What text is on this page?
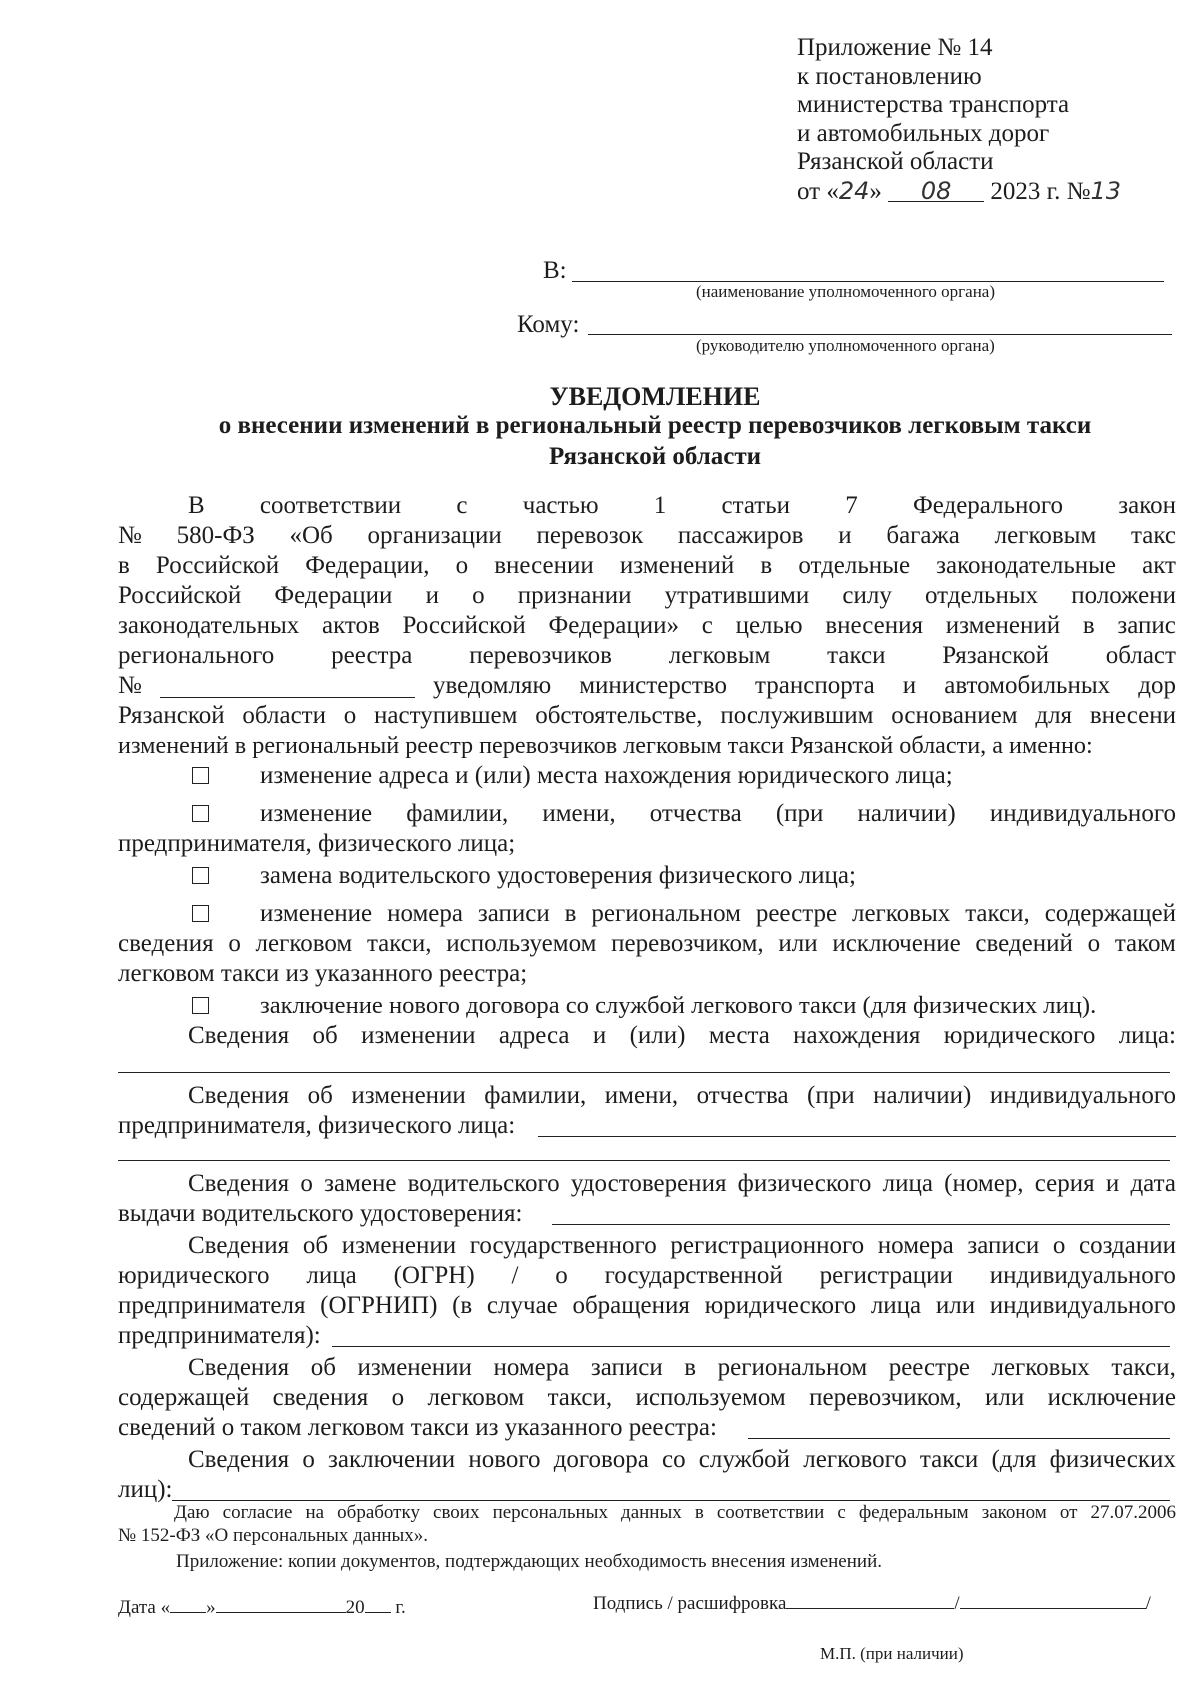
Приложение № 14
к постановлению
министерства транспорта
и автомобильных дорог
Рязанской области
от «24» 08 2023 г. №13
В:
(наименование уполномоченного органа)
Кому:
(руководителю уполномоченного органа)
УВЕДОМЛЕНИЕ
о внесении изменений в региональный реестр перевозчиков легковым такси
Рязанской области
В соответствии с частью 1 статьи 7 Федерального закон
№ 580-ФЗ «Об организации перевозок пассажиров и багажа легковым такс
в Российской Федерации, о внесении изменений в отдельные законодательные акт
Российской Федерации и о признании утратившими силу отдельных положени
законодательных актов Российской Федерации» с целью внесения изменений в запис
регионального реестра перевозчиков легковым такси Рязанской област
№	уведомляю министерство транспорта и автомобильных дор
Рязанской области о наступившем обстоятельстве, послужившим основанием для внесени
изменений в региональный реестр перевозчиков легковым такси Рязанской области, а именно:
изменение адреса и (или) места нахождения юридического лица;
изменение фамилии, имени, отчества (при наличии) индивидуального
предпринимателя, физического лица;
замена водительского удостоверения физического лица;
изменение номера записи в региональном реестре легковых такси, содержащей
сведения о легковом такси, используемом перевозчиком, или исключение сведений о таком
легковом такси из указанного реестра;
заключение нового договора со службой легкового такси (для физических лиц).
Сведения об изменении адреса и (или) места нахождения юридического лица:
Сведения об изменении фамилии, имени, отчества (при наличии) индивидуального
предпринимателя, физического лица:
Сведения о замене водительского удостоверения физического лица (номер, серия и дата
выдачи водительского удостоверения:
Сведения об изменении государственного регистрационного номера записи о создании
юридического лица (ОГРН) / о государственной регистрации индивидуального
предпринимателя (ОГРНИП) (в случае обращения юридического лица или индивидуального
предпринимателя):
Сведения об изменении номера записи в региональном реестре легковых такси,
содержащей сведения о легковом такси, используемом перевозчиком, или исключение
сведений о таком легковом такси из указанного реестра:
Сведения о заключении нового договора со службой легкового такси (для физических
лиц):
Даю согласие на обработку своих персональных данных в соответствии с федеральным законом от 27.07.2006
№ 152-ФЗ «О персональных данных».
Приложение: копии документов, подтерждающих необходимость внесения изменений.
Дата « »	20 г.	Подпись / расшифровка	/	/
М.П. (при наличии)
